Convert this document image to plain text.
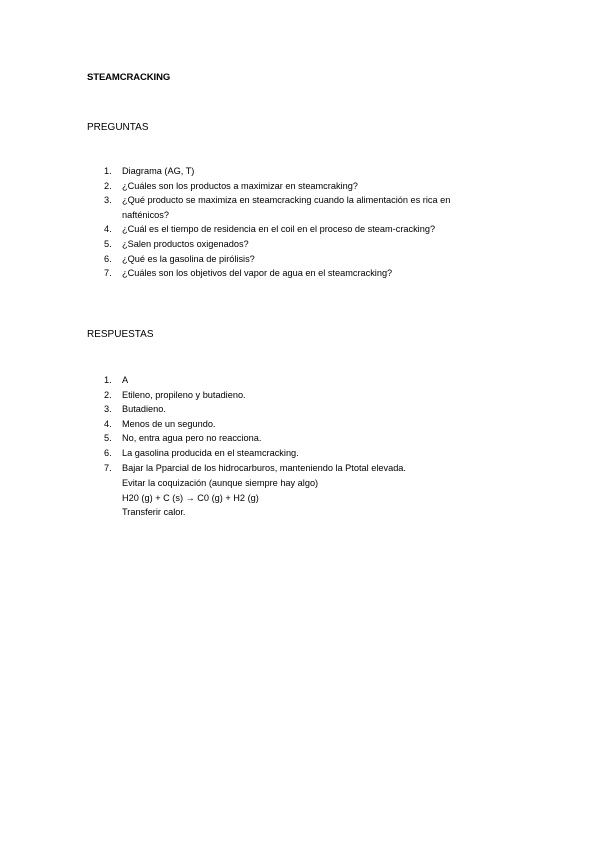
STEAMCRACKING
PREGUNTAS
1. Diagrama (AG, T)
2. ¿Cuáles son los productos a maximizar en steamcraking?
3. ¿Qué producto se maximiza en steamcracking cuando la alimentación es rica en nafténicos?
4. ¿Cuál es el tiempo de residencia en el coil en el proceso de steam-cracking?
5. ¿Salen productos oxigenados?
6. ¿Qué es la gasolina de pirólisis?
7. ¿Cuáles son los objetivos del vapor de agua en el steamcracking?
RESPUESTAS
1. A
2. Etileno, propileno y butadieno.
3. Butadieno.
4. Menos de un segundo.
5. No, entra agua pero no reacciona.
6. La gasolina producida en el steamcracking.
7. Bajar la Pparcial de los hidrocarburos, manteniendo la Ptotal elevada.
Evitar la coquización (aunque siempre hay algo)
H20 (g) + C (s) → C0 (g) + H2 (g)
Transferir calor.
